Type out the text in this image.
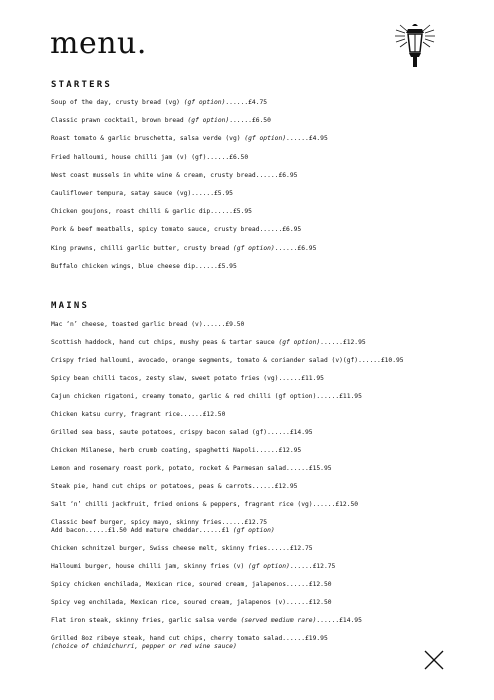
menu.
STARTERS
Soup of the day, crusty bread (vg) (gf option)......£4.75
Classic prawn cocktail, brown bread (gf option)......£6.50
Roast tomato & garlic bruschetta, salsa verde (vg) (gf option)......£4.95
Fried halloumi, house chilli jam (v) (gf)......£6.50
West coast mussels in white wine & cream, crusty bread......£6.95
Cauliflower tempura, satay sauce (vg)......£5.95
Chicken goujons, roast chilli & garlic dip......£5.95
Pork & beef meatballs, spicy tomato sauce, crusty bread......£6.95
King prawns, chilli garlic butter, crusty bread (gf option)......£6.95
Buffalo chicken wings, blue cheese dip......£5.95
MAINS
Mac ‘n’ cheese, toasted garlic bread (v)......£9.50
Scottish haddock, hand cut chips, mushy peas & tartar sauce (gf option)......£12.95
Crispy fried halloumi, avocado, orange segments, tomato & coriander salad (v)(gf)......£10.95
Spicy bean chilli tacos, zesty slaw, sweet potato fries (vg)......£11.95
Cajun chicken rigatoni, creamy tomato, garlic & red chilli (gf option)......£11.95
Chicken katsu curry, fragrant rice......£12.50
Grilled sea bass, saute potatoes, crispy bacon salad (gf)......£14.95
Chicken Milanese, herb crumb coating, spaghetti Napoli......£12.95
Lemon and rosemary roast pork, potato, rocket & Parmesan salad......£15.95
Steak pie, hand cut chips or potatoes, peas & carrots......£12.95
Salt ‘n’ chilli jackfruit, fried onions & peppers, fragrant rice (vg)......£12.50
Classic beef burger, spicy mayo, skinny fries......£12.75
Add bacon......£1.50 Add mature cheddar......£1 (gf option)
Chicken schnitzel burger, Swiss cheese melt, skinny fries......£12.75
Halloumi burger, house chilli jam, skinny fries (v) (gf option)......£12.75
Spicy chicken enchilada, Mexican rice, soured cream, jalapenos......£12.50
Spicy veg enchilada, Mexican rice, soured cream, jalapenos (v)......£12.50
Flat iron steak, skinny fries, garlic salsa verde (served medium rare)......£14.95
Grilled 8oz ribeye steak, hand cut chips, cherry tomato salad......£19.95
(choice of chimichurri, pepper or red wine sauce)
